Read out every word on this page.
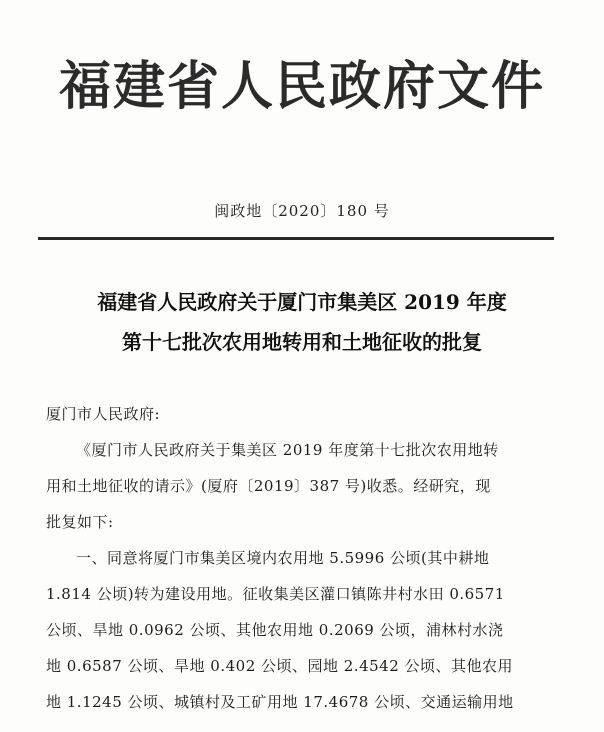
福建省人民政府文件
闽政地〔2020〕180 号
福建省人民政府关于厦门市集美区 2019 年度
第十七批次农用地转用和土地征收的批复
厦门市人民政府:
《厦门市人民政府关于集美区 2019 年度第十七批次农用地转
用和土地征收的请示》(厦府〔2019〕387 号)收悉。经研究，现
批复如下:
一、同意将厦门市集美区境内农用地 5.5996 公顷(其中耕地
1.814 公顷)转为建设用地。征收集美区灌口镇陈井村水田 0.6571
公顷、旱地 0.0962 公顷、其他农用地 0.2069 公顷，浦林村水浇
地 0.6587 公顷、旱地 0.402 公顷、园地 2.4542 公顷、其他农用
地 1.1245 公顷、城镇村及工矿用地 17.4678 公顷、交通运输用地
